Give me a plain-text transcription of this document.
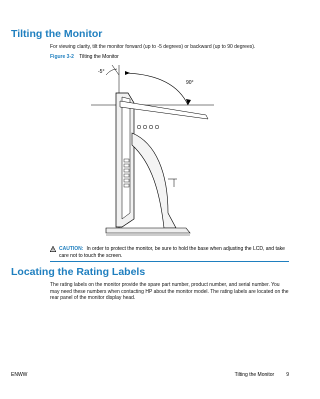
Tilting the Monitor

For viewing clarity, tilt the monitor forward (up to -5 degrees) or backward (up to 90 degrees).

Figure 3-2 Tilting the Monitor

-5°
90°
CAUTION: In order to protect the monitor, be sure to hold the base when adjusting the LCD, and take care not to touch the screen.
Locating the Rating Labels

The rating labels on the monitor provide the spare part number, product number, and serial number. You may need these numbers when contacting HP about the monitor model. The rating labels are located on the rear panel of the monitor display head.

ENWW	Tilting the Monitor 9
